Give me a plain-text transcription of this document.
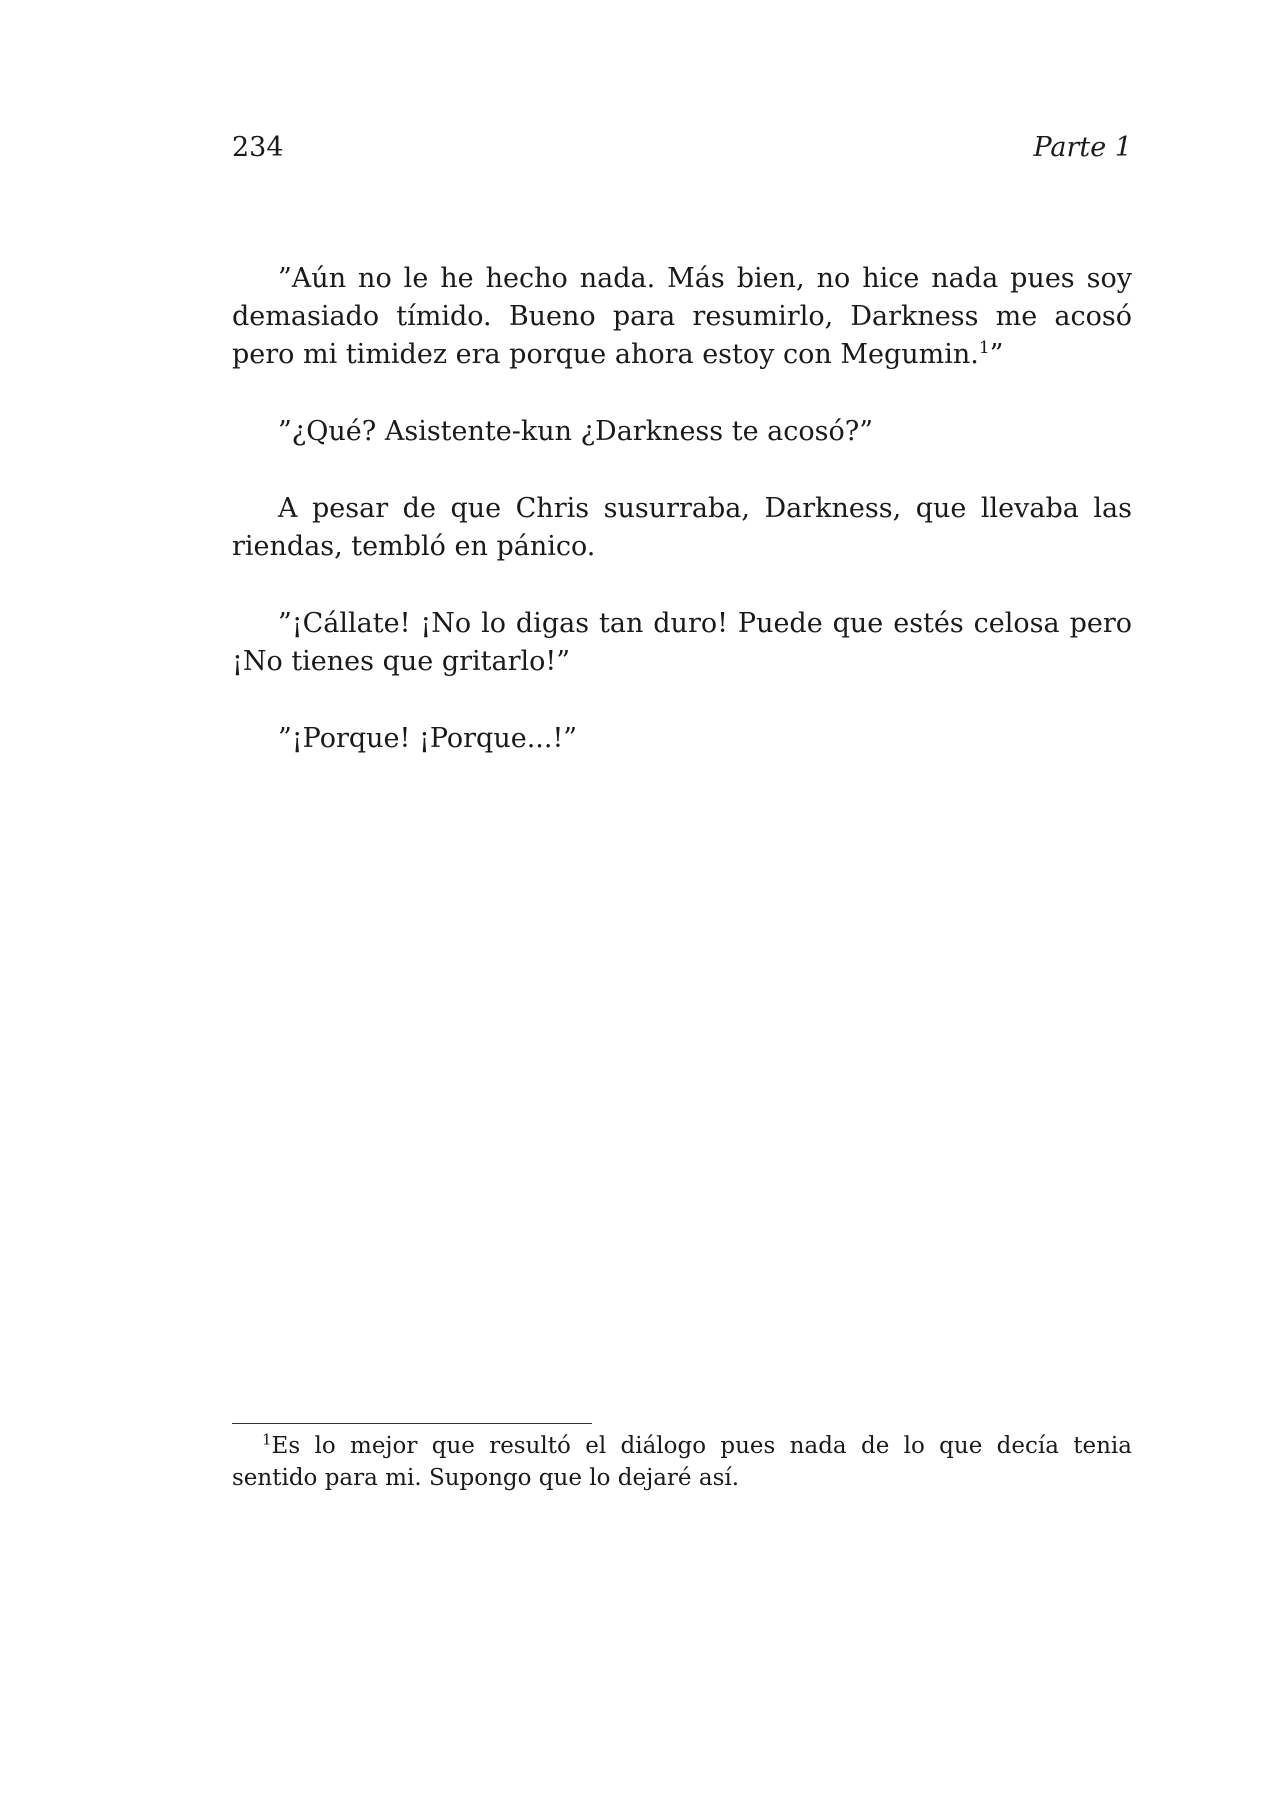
234	Parte 1

”Aún no le he hecho nada. Más bien, no hice nada pues soy demasiado tímido. Bueno para resumirlo, Darkness me acosó pero mi timidez era porque ahora estoy con Megumin.$^1$”

”¿Qué? Asistente-kun ¿Darkness te acosó?”

A pesar de que Chris susurraba, Darkness, que llevaba las riendas, tembló en pánico.

”¡Cállate! ¡No lo digas tan duro! Puede que estés celosa pero ¡No tienes que gritarlo!”

”¡Porque! ¡Porque...!”

$^1$Es lo mejor que resultó el diálogo pues nada de lo que decía tenia sentido para mi. Supongo que lo dejaré así.
